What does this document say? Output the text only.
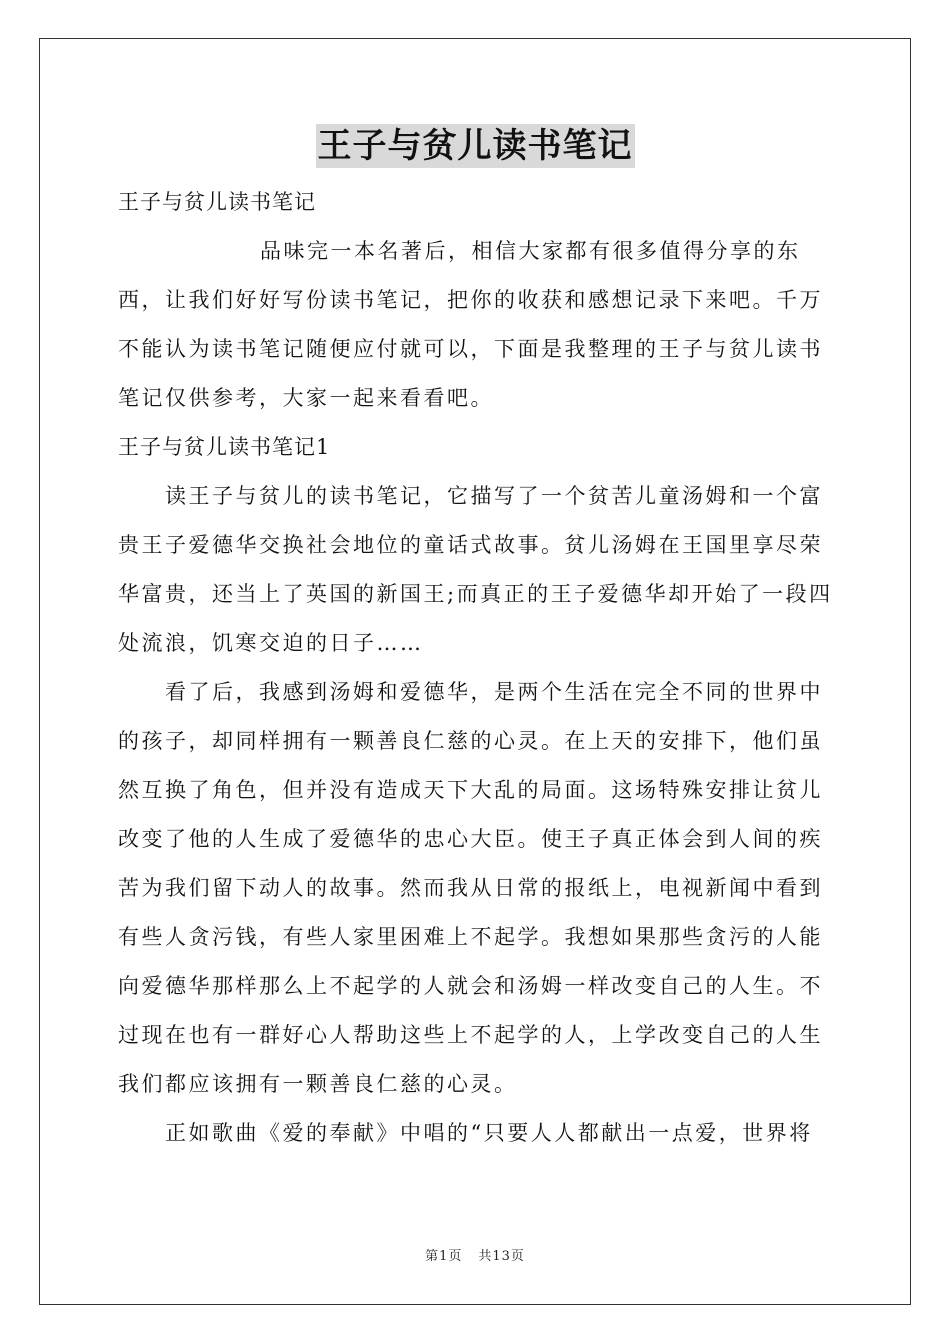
王子与贫儿读书笔记

王子与贫儿读书笔记

品味完一本名著后，相信大家都有很多值得分享的东西，让我们好好写份读书笔记，把你的收获和感想记录下来吧。千万不能认为读书笔记随便应付就可以，下面是我整理的王子与贫儿读书笔记仅供参考，大家一起来看看吧。

王子与贫儿读书笔记1

读王子与贫儿的读书笔记，它描写了一个贫苦儿童汤姆和一个富贵王子爱德华交换社会地位的童话式故事。贫儿汤姆在王国里享尽荣华富贵，还当上了英国的新国王;而真正的王子爱德华却开始了一段四处流浪，饥寒交迫的日子……

看了后，我感到汤姆和爱德华，是两个生活在完全不同的世界中的孩子，却同样拥有一颗善良仁慈的心灵。在上天的安排下，他们虽然互换了角色，但并没有造成天下大乱的局面。这场特殊安排让贫儿改变了他的人生成了爱德华的忠心大臣。使王子真正体会到人间的疾苦为我们留下动人的故事。然而我从日常的报纸上，电视新闻中看到有些人贪污钱，有些人家里困难上不起学。我想如果那些贪污的人能向爱德华那样那么上不起学的人就会和汤姆一样改变自己的人生。不过现在也有一群好心人帮助这些上不起学的人，上学改变自己的人生我们都应该拥有一颗善良仁慈的心灵。

正如歌曲《爱的奉献》中唱的“只要人人都献出一点爱，世界将

第1页 共13页
